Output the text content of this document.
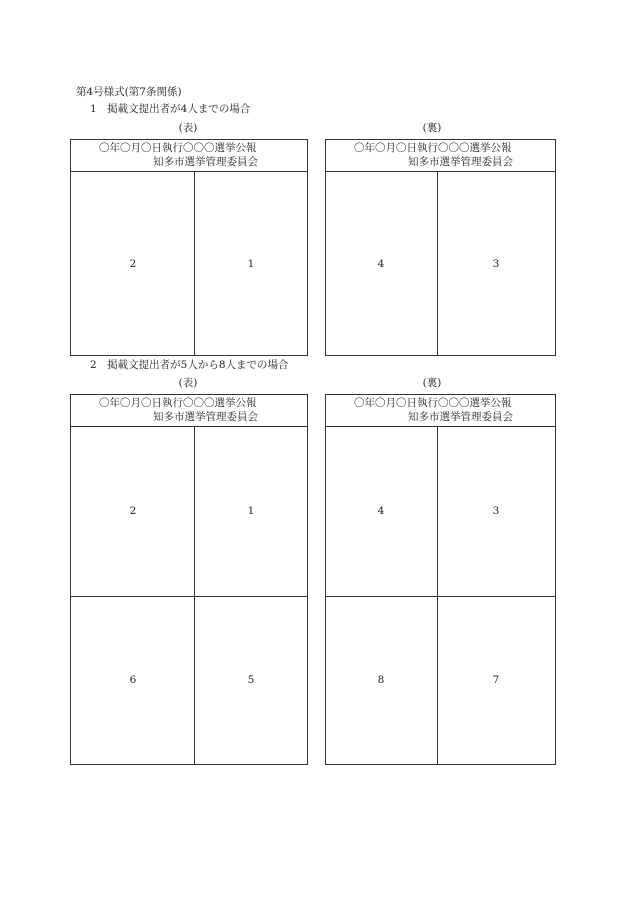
第4号様式(第7条関係)
1　掲載文提出者が4人までの場合
(表)	(裏)
〇年〇月〇日執行〇〇〇選挙公報
知多市選挙管理委員会
2	1
〇年〇月〇日執行〇〇〇選挙公報
知多市選挙管理委員会
4	3
2　掲載文提出者が5人から8人までの場合
(表)	(裏)
〇年〇月〇日執行〇〇〇選挙公報
知多市選挙管理委員会
2	1
6	5
〇年〇月〇日執行〇〇〇選挙公報
知多市選挙管理委員会
4	3
8	7
